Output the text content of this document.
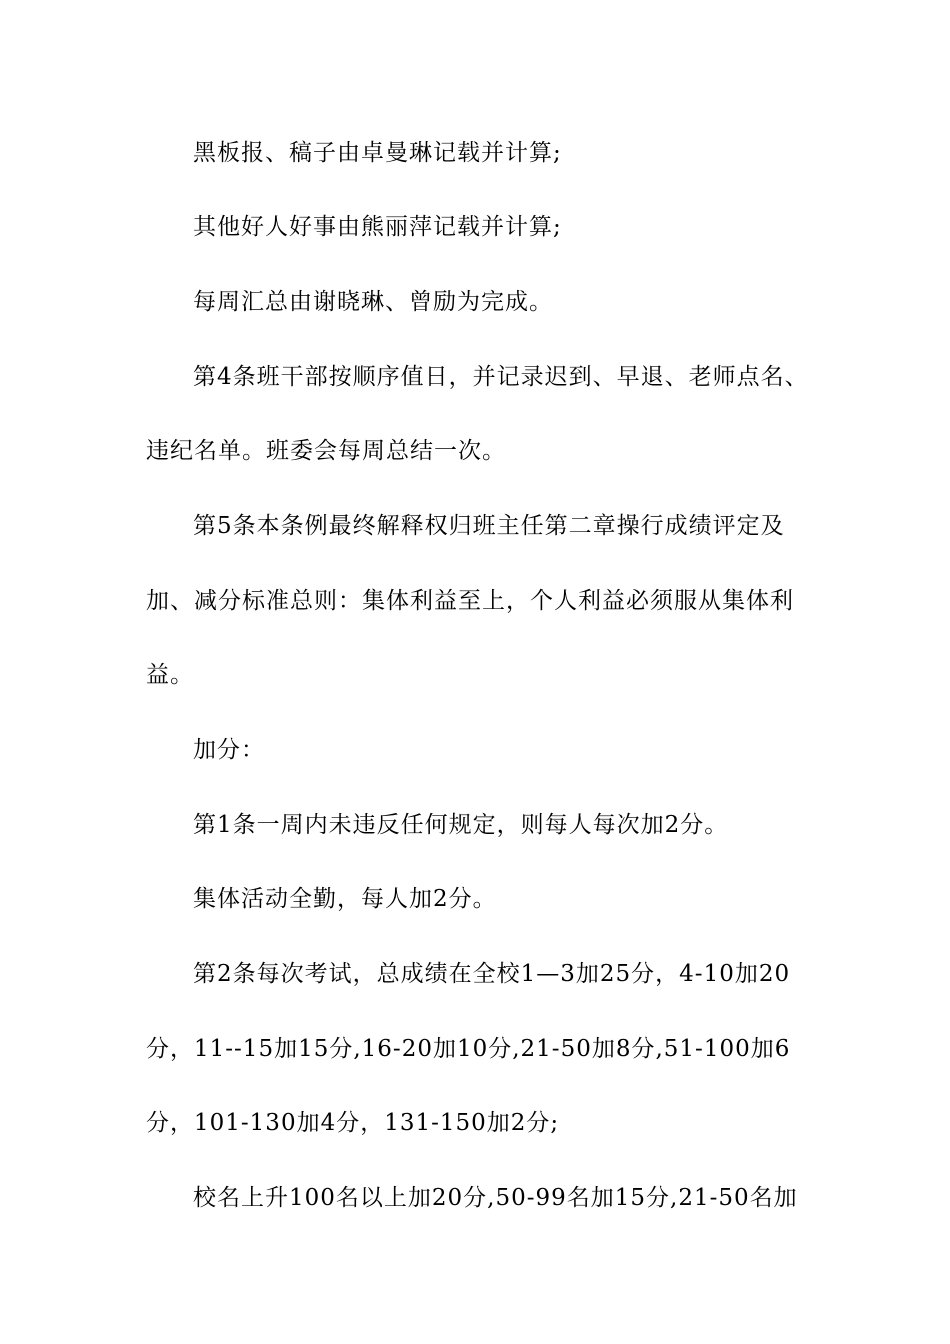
黑板报、稿子由卓曼琳记载并计算;
其他好人好事由熊丽萍记载并计算;
每周汇总由谢晓琳、曾励为完成。
第4条班干部按顺序值日，并记录迟到、早退、老师点名、
违纪名单。班委会每周总结一次。
第5条本条例最终解释权归班主任第二章操行成绩评定及
加、减分标准总则：集体利益至上，个人利益必须服从集体利
益。
加分：
第1条一周内未违反任何规定，则每人每次加2分。
集体活动全勤，每人加2分。
第2条每次考试，总成绩在全校1—3加25分，4-10加20
分，11--15加15分,16-20加10分,21-50加8分,51-100加6
分，101-130加4分，131-150加2分;
校名上升100名以上加20分,50-99名加15分,21-50名加
